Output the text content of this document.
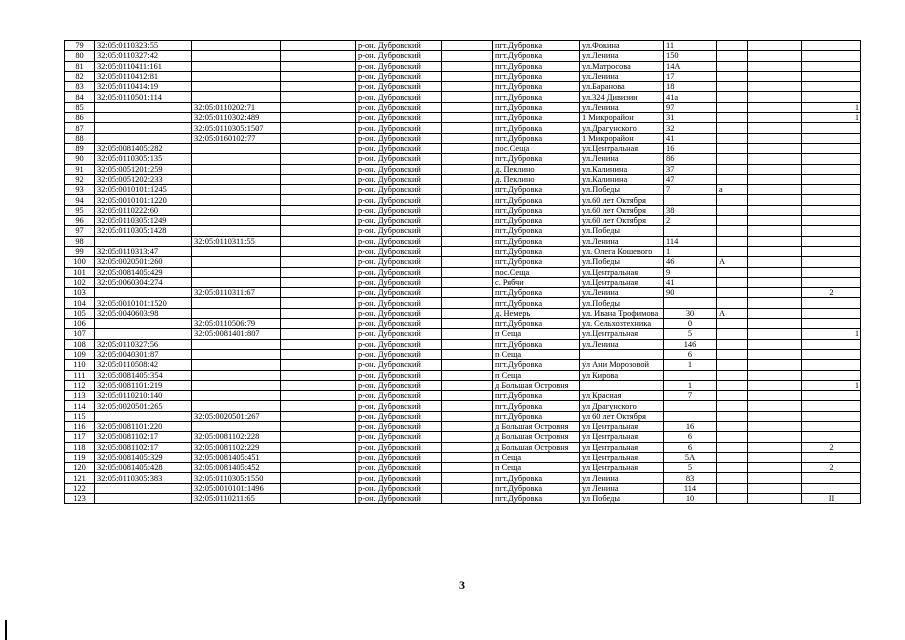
79	32:05:0110323:55			р-он. Дубровский		пгт.Дубровка	ул.Фокина	11			
80	32:05:0110327:42			р-он. Дубровский		пгт.Дубровка	ул.Ленина	150			
81	32:05:0110411:161			р-он. Дубровский		пгт.Дубровка	ул.Матросова	14А			
82	32:05:0110412:81			р-он. Дубровский		пгт.Дубровка	ул.Ленина	17			
83	32:05:0110414:19			р-он. Дубровский		пгт.Дубровка	ул.Баранова	18			
84	32:05:0110501:114			р-он. Дубровский		пгт.Дубровка	ул.324 Дивизии	41а			
85		32:05:0110202:71		р-он. Дубровский		пгт.Дубровка	ул.Ленина	97			1
86		32:05:0110302:489		р-он. Дубровский		пгт.Дубровка	1 Микрорайон	31			1
87		32:05:0110305:1507		р-он. Дубровский		пгт.Дубровка	ул.Драгунского	32			
88		32:05:0160102:77		р-он. Дубровский		пгт.Дубровка	1 Микрорайон	41			
89	32:05:0081405:282			р-он. Дубровский		пос.Сеща	ул.Центральная	16			
90	32:05:0110305:135			р-он. Дубровский		пгт.Дубровка	ул.Ленина	86			
91	32:05:0051201:259			р-он. Дубровский		д. Пеклино	ул.Калинина	37			
92	32:05:0051202:233			р-он. Дубровский		д. Пеклино	ул.Калинина	47			
93	32:05:0010101:1245			р-он. Дубровский		пгт.Дубровка	ул.Победы	7	а		
94	32:05:0010101:1220			р-он. Дубровский		пгт.Дубровка	ул.60 лет Октября				
95	32:05:0110222:60			р-он. Дубровский		пгт.Дубровка	ул.60 лет Октября	38			
96	32:05:0110305:1249			р-он. Дубровский		пгт.Дубровка	ул.60 лет Октября	2			
97	32:05:0110305:1428			р-он. Дубровский		пгт.Дубровка	ул.Победы				
98		32:05:0110311:55		р-он. Дубровский		пгт.Дубровка	ул.Ленина	114			
99	32:05:0110313:47			р-он. Дубровский		пгт.Дубровка	ул. Олега Кошевого	1			
100	32:05:0020501:260			р-он. Дубровский		пгт.Дубровка	ул.Победы	46	А		
101	32:05:0081405:429			р-он. Дубровский		пос.Сеща	ул.Центральная	9			
102	32:05:0060304:274			р-он. Дубровский		с. Рябчи	ул.Центральная	41			
103		32:05:0110311:67		р-он. Дубровский		пгт.Дубровка	ул.Ленина	90			2
104	32:05:0010101:1520			р-он. Дубровский		пгт.Дубровка	ул.Победы				
105	32:05:0040603:98			р-он. Дубровский		д. Немерь	ул. Ивана Трофимова	30	А		
106		32:05:0110506:79		р-он. Дубровский		пгт.Дубровка	ул. Сельхозтехника	0			
107		32:05:0081401:807		р-он. Дубровский		п Сеща	ул.Центральная	5			1
108	32:05:0110327:56			р-он. Дубровский		пгт.Дубровка	ул.Ленина	146			
109	32:05:0040301:87			р-он. Дубровский		п Сеща		6			
110	32:05:0110508:42			р-он. Дубровский		пгт.Дубровка	ул Ани Морозовой	1			
111	32:05:0081405:354			р-он. Дубровский		п Сеща	ул Кирова				
112	32:05:0081101:219			р-он. Дубровский		д Большая Островня		1			1
113	32:05:0110210:140			р-он. Дубровский		пгт.Дубровка	ул Красная	7			
114	32:05:0020501:265			р-он. Дубровский		пгт.Дубровка	ул Драгунского				
115		32:05:0020501:267		р-он. Дубровский		пгт.Дубровка	ул 60 лет Октября				
116	32:05:0081101:220			р-он. Дубровский		д Большая Островня	ул Центральная	16			
117	32:05:0081102:17	32:05:0081102:228		р-он. Дубровский		д Большая Островня	ул Центральная	6			
118	32:05:0081102:17	32:05:0081102:229		р-он. Дубровский		д Большая Островня	ул Центральная	6			2
119	32:05:0081405:329	32:05:0081405:451		р-он. Дубровский		п Сеща	ул Центральная	5А			
120	32:05:0081405:428	32:05:0081405:452		р-он. Дубровский		п Сеща	ул Центральная	5			2
121	32:05:0110305:383	32:05:0110305:1550		р-он. Дубровский		пгт.Дубровка	ул Ленина	83			
122		32:05:0010101:1496		р-он. Дубровский		пгт.Дубровка	ул Ленина	114			
123		32:05:0110211:65		р-он. Дубровский		пгт.Дубровка	ул Победы	10			II
3
